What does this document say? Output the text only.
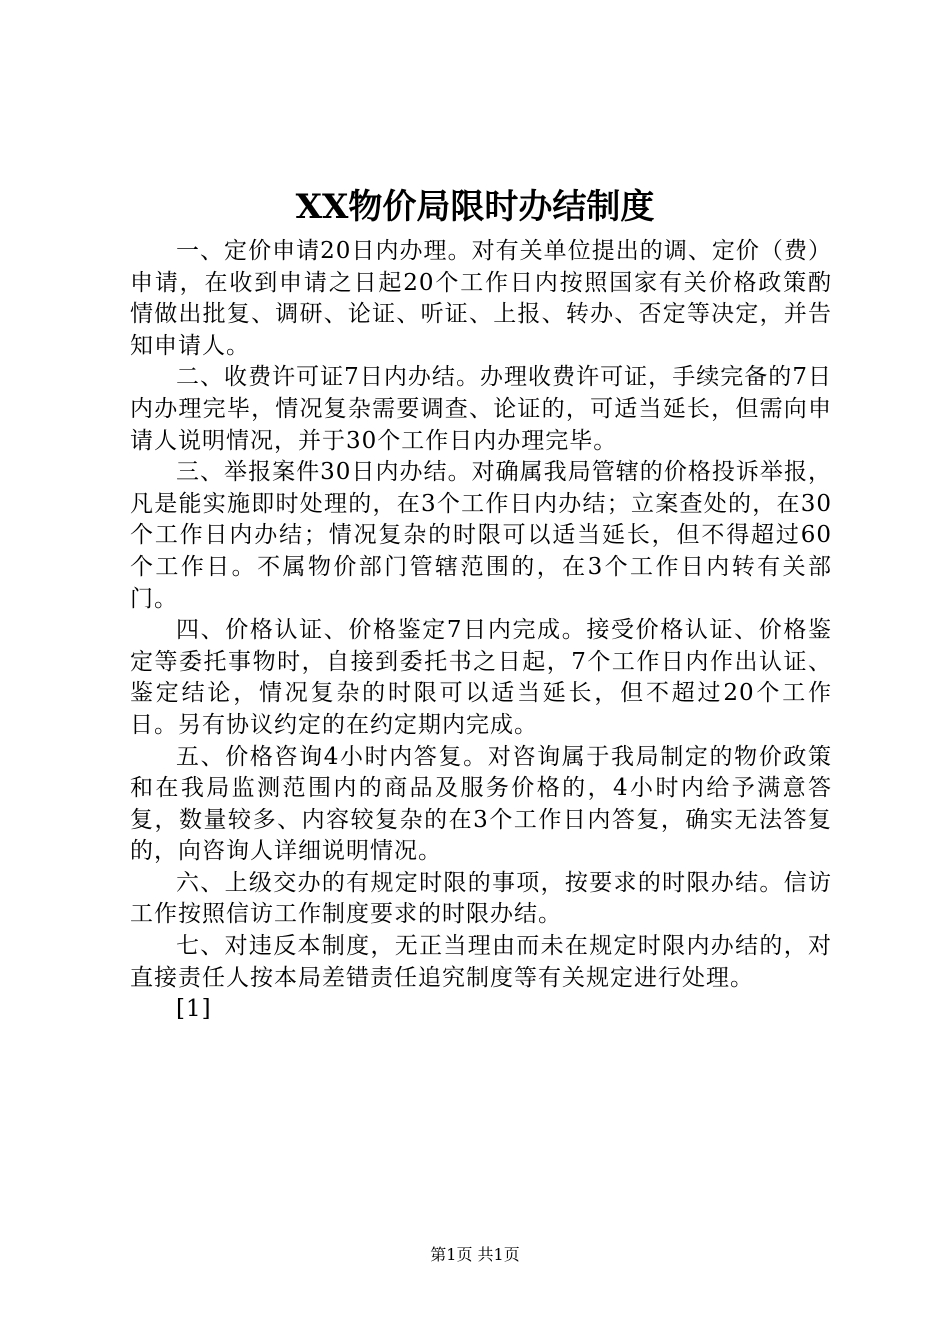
XX物价局限时办结制度

一、定价申请20日内办理。对有关单位提出的调、定价（费）申请，在收到申请之日起20个工作日内按照国家有关价格政策酌情做出批复、调研、论证、听证、上报、转办、否定等决定，并告知申请人。

二、收费许可证7日内办结。办理收费许可证，手续完备的7日内办理完毕，情况复杂需要调查、论证的，可适当延长，但需向申请人说明情况，并于30个工作日内办理完毕。

三、举报案件30日内办结。对确属我局管辖的价格投诉举报，凡是能实施即时处理的，在3个工作日内办结；立案查处的，在30个工作日内办结；情况复杂的时限可以适当延长，但不得超过60个工作日。不属物价部门管辖范围的，在3个工作日内转有关部门。

四、价格认证、价格鉴定7日内完成。接受价格认证、价格鉴定等委托事物时，自接到委托书之日起，7个工作日内作出认证、鉴定结论，情况复杂的时限可以适当延长，但不超过20个工作日。另有协议约定的在约定期内完成。

五、价格咨询4小时内答复。对咨询属于我局制定的物价政策和在我局监测范围内的商品及服务价格的，4小时内给予满意答复，数量较多、内容较复杂的在3个工作日内答复，确实无法答复的，向咨询人详细说明情况。

六、上级交办的有规定时限的事项，按要求的时限办结。信访工作按照信访工作制度要求的时限办结。

七、对违反本制度，无正当理由而未在规定时限内办结的，对直接责任人按本局差错责任追究制度等有关规定进行处理。

[1]

第1页 共1页
